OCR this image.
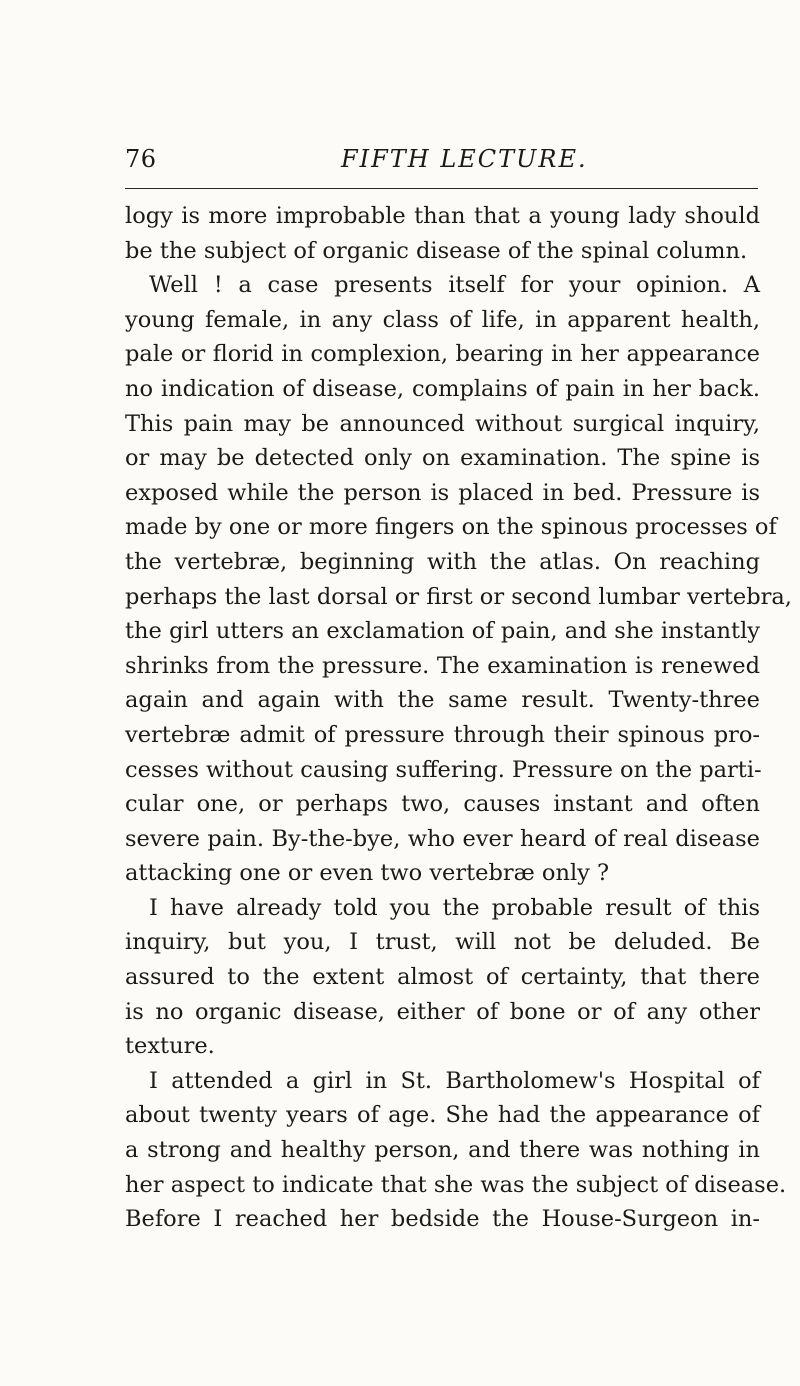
76	FIFTH LECTURE.
logy is more improbable than that a young lady should
be the subject of organic disease of the spinal column.
Well ! a case presents itself for your opinion. A
young female, in any class of life, in apparent health,
pale or florid in complexion, bearing in her appearance
no indication of disease, complains of pain in her back.
This pain may be announced without surgical inquiry,
or may be detected only on examination. The spine is
exposed while the person is placed in bed. Pressure is
made by one or more fingers on the spinous processes of
the vertebræ, beginning with the atlas. On reaching
perhaps the last dorsal or first or second lumbar vertebra,
the girl utters an exclamation of pain, and she instantly
shrinks from the pressure. The examination is renewed
again and again with the same result. Twenty-three
vertebræ admit of pressure through their spinous pro-
cesses without causing suffering. Pressure on the parti-
cular one, or perhaps two, causes instant and often
severe pain. By-the-bye, who ever heard of real disease
attacking one or even two vertebræ only ?
I have already told you the probable result of this
inquiry, but you, I trust, will not be deluded. Be
assured to the extent almost of certainty, that there
is no organic disease, either of bone or of any other
texture.
I attended a girl in St. Bartholomew's Hospital of
about twenty years of age. She had the appearance of
a strong and healthy person, and there was nothing in
her aspect to indicate that she was the subject of disease.
Before I reached her bedside the House-Surgeon in-
